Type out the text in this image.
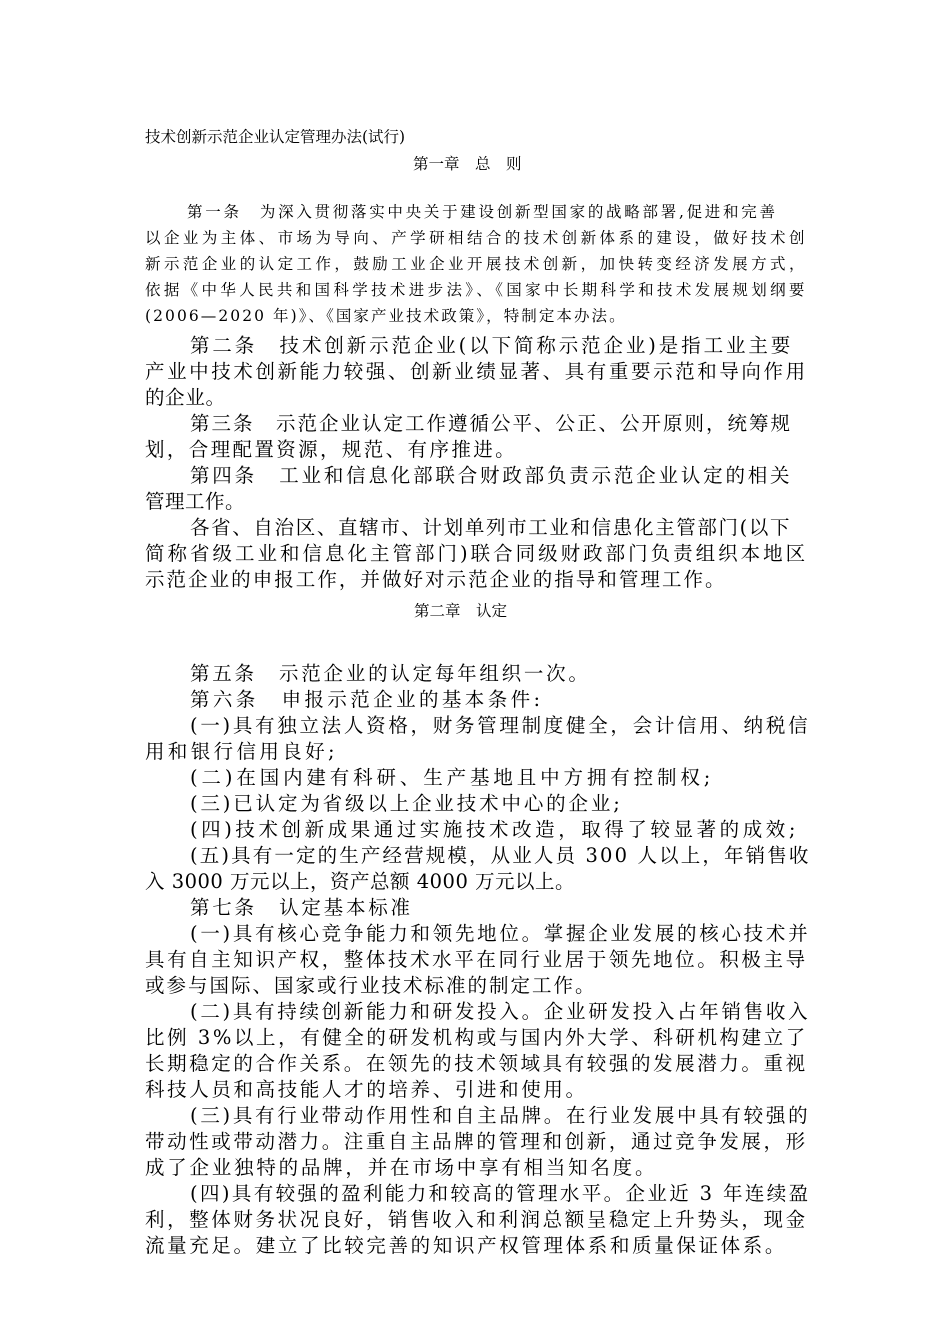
技术创新示范企业认定管理办法(试行)
第一章　总　则
第二章　认定
第一条　为深入贯彻落实中央关于建设创新型国家的战略部署,促进和完善
以企业为主体、市场为导向、产学研相结合的技术创新体系的建设，做好技术创
新示范企业的认定工作，鼓励工业企业开展技术创新，加快转变经济发展方式，
依据《中华人民共和国科学技术进步法》、《国家中长期科学和技术发展规划纲要
(2006—2020 年)》、《国家产业技术政策》，特制定本办法。
第二条　技术创新示范企业(以下简称示范企业)是指工业主要
产业中技术创新能力较强、创新业绩显著、具有重要示范和导向作用
的企业。
第三条　示范企业认定工作遵循公平、公正、公开原则，统筹规
划，合理配置资源，规范、有序推进。
第四条　工业和信息化部联合财政部负责示范企业认定的相关
管理工作。
各省、自治区、直辖市、计划单列市工业和信患化主管部门(以下
简称省级工业和信息化主管部门)联合同级财政部门负责组织本地区
示范企业的申报工作，并做好对示范企业的指导和管理工作。
第五条　示范企业的认定每年组织一次。
第六条　申报示范企业的基本条件:
(一)具有独立法人资格，财务管理制度健全，会计信用、纳税信
用和银行信用良好;
(二)在国内建有科研、生产基地且中方拥有控制权;
(三)已认定为省级以上企业技术中心的企业;
(四)技术创新成果通过实施技术改造，取得了较显著的成效;
(五)具有一定的生产经营规模，从业人员 300 人以上，年销售收
入 3000 万元以上，资产总额 4000 万元以上。
第七条　认定基本标准
(一)具有核心竞争能力和领先地位。掌握企业发展的核心技术并
具有自主知识产权，整体技术水平在同行业居于领先地位。积极主导
或参与国际、国家或行业技术标准的制定工作。
(二)具有持续创新能力和研发投入。企业研发投入占年销售收入
比例 3%以上，有健全的研发机构或与国内外大学、科研机构建立了
长期稳定的合作关系。在领先的技术领域具有较强的发展潜力。重视
科技人员和高技能人才的培养、引进和使用。
(三)具有行业带动作用性和自主品牌。在行业发展中具有较强的
带动性或带动潜力。注重自主品牌的管理和创新，通过竞争发展，形
成了企业独特的品牌，并在市场中享有相当知名度。
(四)具有较强的盈利能力和较高的管理水平。企业近 3 年连续盈
利，整体财务状况良好，销售收入和利润总额呈稳定上升势头，现金
流量充足。建立了比较完善的知识产权管理体系和质量保证体系。
